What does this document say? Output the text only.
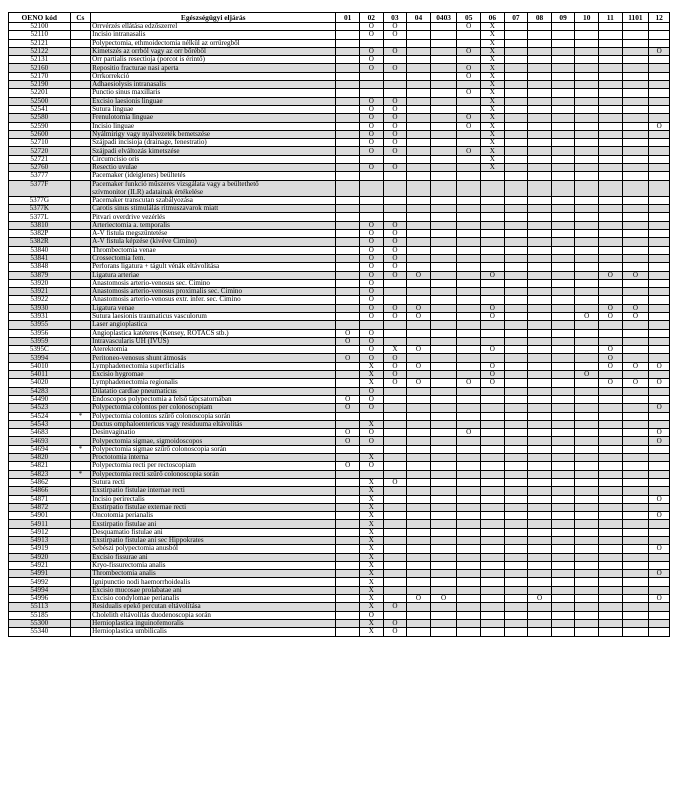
OENO kód	Cs	Egészségügyi eljárás	01	02	03	04	0403	05	06	07	08	09	10	11	1101	12
52100		Orrvérzés ellátása edzőszerrel		O	O			O	X							
52110		Incisio intranasalis		O	O				X							
52121		Polypectomia, ethmoidectomia nélkül az orrüregből							X							
52122		Kimetszés az orrból vagy az orr bőréből		O	O			O	X							O
52131		Orr partialis resectioja (porcot is érintő)		O					X							
52160		Repositio fracturae nasi aperta		O	O			O	X							
52170		Orrkorrekció						O	X							
52190		Adhaesiolysis intranasalis							X							
52201		Punctio sinus maxillaris						O	X							
52500		Excisio laesionis linguae		O	O				X							
52541		Sutura linguae		O	O				X							
52580		Frenulotomia linguae		O	O			O	X							
52590		Incisio linguae		O	O			O	X							O
52600		Nyálmirigy vagy nyálvezeték bemetszése		O	O				X							
52710		Szájpadi incisioja (drainage, fenestratio)		O	O				X							
52720		Szájpadi elváltozás kimetszése		O	O			O	X							
52721		Circumcisio oris							X							
52760		Resectio uvulae		O	O				X							
53777		Pacemaker (ideiglenes) beültetés														
5377F		Pacemaker funkció műszeres vizsgálata vagy a beültethető
szívmonitor (ILR) adatainak értékelése														

5377G		Pacemaker transcutan szabályozása														
5377K		Carotis sinus stimulálás ritmuszavarok miatt														
5377L		Pitvari overdrive vezérlés														
53810		Arteriectomia a. temporalis		O	O											
5382P		A-V fistula megszüntetése		O	O											
5382R		A-V fistula képzése (kivéve Cimino)		O	O											
53840		Thrombectomia venae		O	O											
53841		Crossectomia fem.		O	O											
53848		Perforans ligatura + tágult vénák eltávolítása		O	O											
53879		Ligatura arteriae		O	O	O			O					O	O	
53920		Anastomosis arterio-venosus sec. Cimino		O												
53921		Anastomosis arterio-venosus proximalis sec. Cimino		O												
53922		Anastomosis arterio-venosus extr. infer. sec. Cimino		O												
53930		Ligatura venae		O	O	O			O					O	O	
53931		Sutura laesionis traumaticus vasculorum		O	O	O			O				O	O	O	
53955		Laser angioplastica														
53956		Angioplastica katéteres (Kensey, ROTACS stb.)	O	O												
53959		Intravascularis UH (IVUS)	O	O												
5395C		Aterektomia		O	X	O			O					O		
53994		Peritoneo-venosus shunt átmosás	O	O	O									O		
54010		Lymphadenectomia superficialis		X	O	O			O					O	O	O
54011		Excisio hygromae		X	O				O				O			
54020		Lymphadenectomia regionalis		X	O	O		O	O					O	O	O
54283		Dilatatio cardiae pneumaticus		O												
54490		Endoscopos polypectomia a felső tápcsatornában	O	O												
54523		Polypectomia colontos per colonoscopiam	O	O												O
54524	*	Polypectomia colontos szűrő colonoscopia során														
54543		Ductus omphaloentericus vagy residuuma eltávolítás		X												
54683		Desinvaginatio	O	O				O								O
54693		Polypectomia sigmae, sigmoidoscopos	O	O												O
54694	*	Polypectomia sigmae szűrő colonoscopia során														
54820		Proctotomia interna		X												
54821		Polypectomia recti per rectoscopiam	O	O												
54823	*	Polypectomia recti szűrő colonoscopia során														
54862		Sutura recti		X	O											
54866		Exstirpatio fistulae internae recti		X												
54871		Incisio perirectalis		X												O
54872		Exstirpatio fistulae externae recti		X												
54901		Oncotomia perianalis		X												O
54911		Exstirpatio fistulae ani		X												
54912		Desquamatio fistulae ani		X												
54913		Exstirpatio fistulae ani sec Hippokrates		X												
54919		Sebészi polypectomia anusból		X												O
54920		Excisio fissurae ani		X												
54921		Kryo-fissurectomia analis		X												
54991		Thrombectomia analis		X												O
54992		Ignipunctio nodi haemorrhoidealis		X												
54994		Excisio mucosae prolabatae ani		X												
54996		Excisio condylomae perianalis		X		O	O				O					O
55113		Residualis epekő percutan eltávolítása		X	O											
55185		Cholelith eltávolítás duodenoscopia során		O												
55300		Hernioplastica inguinofemoralis		X	O											
55340		Hernioplastica umbilicalis		X	O											
